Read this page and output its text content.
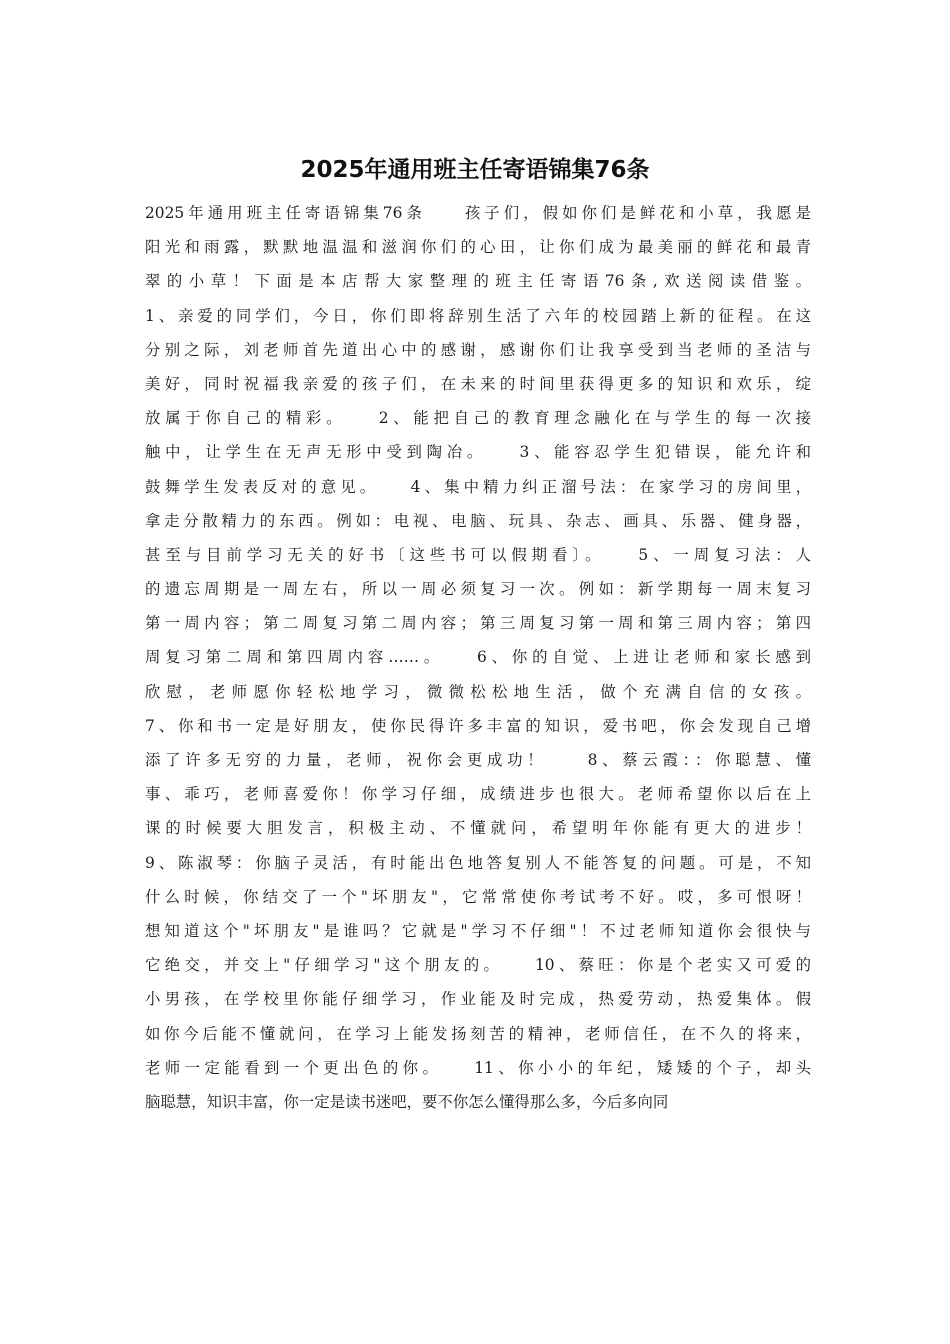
2025年通用班主任寄语锦集76条
2025年通用班主任寄语锦集76条　　孩子们，假如你们是鲜花和小草，我愿是
阳光和雨露，默默地温温和滋润你们的心田，让你们成为最美丽的鲜花和最青
翠的小草！下面是本店帮大家整理的班主任寄语76条,欢送阅读借鉴。
1、亲爱的同学们，今日，你们即将辞别生活了六年的校园踏上新的征程。在这
分别之际，刘老师首先道出心中的感谢，感谢你们让我享受到当老师的圣洁与
美好，同时祝福我亲爱的孩子们，在未来的时间里获得更多的知识和欢乐，绽
放属于你自己的精彩。　　2、能把自己的教育理念融化在与学生的每一次接
触中，让学生在无声无形中受到陶冶。　　3、能容忍学生犯错误，能允许和
鼓舞学生发表反对的意见。　　4、集中精力纠正溜号法：在家学习的房间里，
拿走分散精力的东西。例如：电视、电脑、玩具、杂志、画具、乐器、健身器，
甚至与目前学习无关的好书〔这些书可以假期看〕。　　5、一周复习法：人
的遗忘周期是一周左右，所以一周必须复习一次。例如：新学期每一周末复习
第一周内容；第二周复习第二周内容；第三周复习第一周和第三周内容；第四
周复习第二周和第四周内容……。　　6、你的自觉、上进让老师和家长感到
欣慰，老师愿你轻松地学习，微微松松地生活，做个充满自信的女孩。
7、你和书一定是好朋友，使你民得许多丰富的知识，爱书吧，你会发现自己增
添了许多无穷的力量，老师，祝你会更成功！　　8、蔡云霞：：你聪慧、懂
事、乖巧，老师喜爱你！你学习仔细，成绩进步也很大。老师希望你以后在上
课的时候要大胆发言，积极主动、不懂就问，希望明年你能有更大的进步！
9、陈淑琴：你脑子灵活，有时能出色地答复别人不能答复的问题。可是，不知
什么时候，你结交了一个"坏朋友"，它常常使你考试考不好。哎，多可恨呀！
想知道这个"坏朋友"是谁吗？它就是"学习不仔细"！不过老师知道你会很快与
它绝交，并交上"仔细学习"这个朋友的。　　10、蔡旺：你是个老实又可爱的
小男孩，在学校里你能仔细学习，作业能及时完成，热爱劳动，热爱集体。假
如你今后能不懂就问，在学习上能发扬刻苦的精神，老师信任，在不久的将来，
老师一定能看到一个更出色的你。　　11、你小小的年纪，矮矮的个子，却头
脑聪慧，知识丰富，你一定是读书迷吧，要不你怎么懂得那么多，今后多向同
